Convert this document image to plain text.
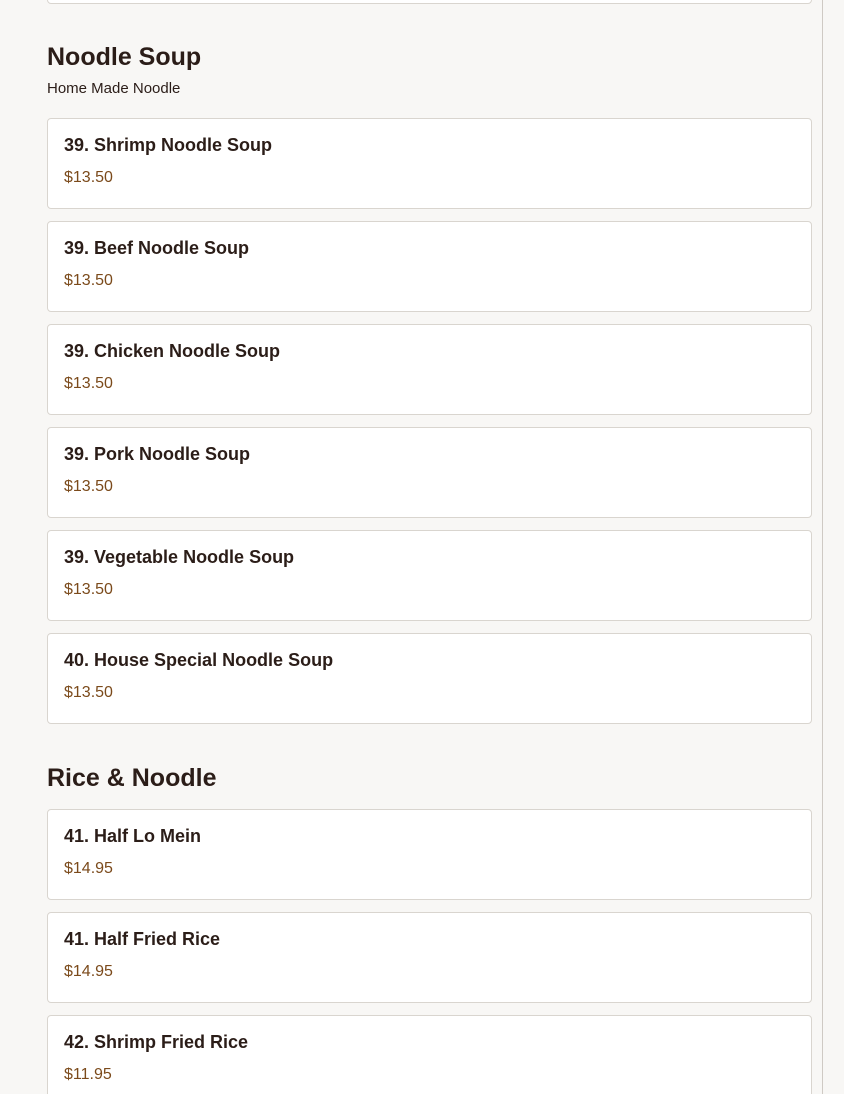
Noodle Soup

Home Made Noodle

39. Shrimp Noodle Soup
$13.50
39. Beef Noodle Soup
$13.50
39. Chicken Noodle Soup
$13.50
39. Pork Noodle Soup
$13.50
39. Vegetable Noodle Soup
$13.50
40. House Special Noodle Soup
$13.50
Rice & Noodle
41. Half Lo Mein
$14.95
41. Half Fried Rice
$14.95
42. Shrimp Fried Rice
$11.95
